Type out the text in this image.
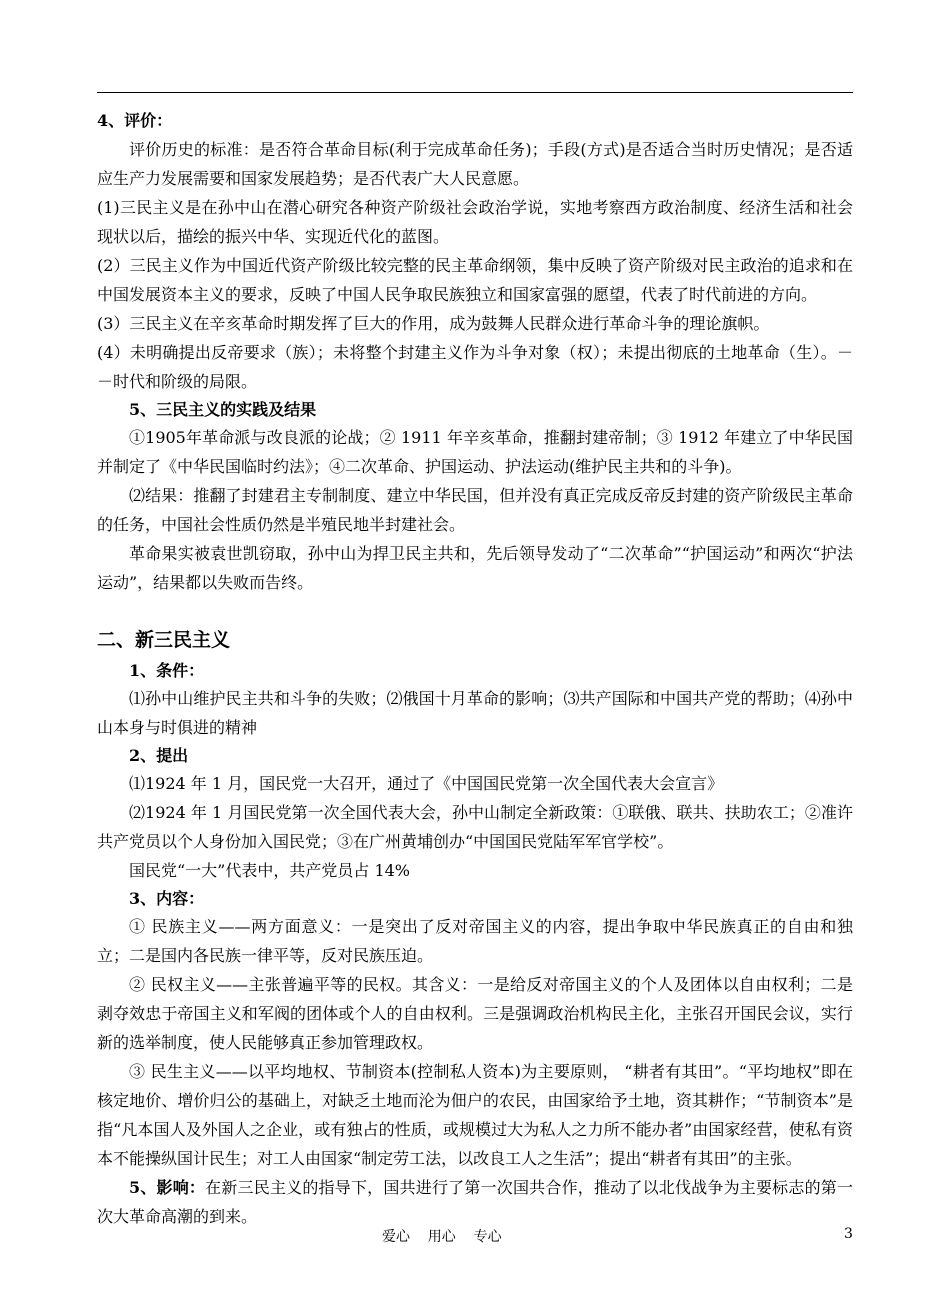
4、评价：

评价历史的标准：是否符合革命目标(利于完成革命任务)；手段(方式)是否适合当时历史情况；是否适应生产力发展需要和国家发展趋势；是否代表广大人民意愿。

(1)三民主义是在孙中山在潜心研究各种资产阶级社会政治学说，实地考察西方政治制度、经济生活和社会现状以后，描绘的振兴中华、实现近代化的蓝图。

(2）三民主义作为中国近代资产阶级比较完整的民主革命纲领，集中反映了资产阶级对民主政治的追求和在中国发展资本主义的要求，反映了中国人民争取民族独立和国家富强的愿望，代表了时代前进的方向。

(3）三民主义在辛亥革命时期发挥了巨大的作用，成为鼓舞人民群众进行革命斗争的理论旗帜。

(4）未明确提出反帝要求（族）；未将整个封建主义作为斗争对象（权）；未提出彻底的土地革命（生）。－－时代和阶级的局限。

5、三民主义的实践及结果

①1905年革命派与改良派的论战；② 1911 年辛亥革命，推翻封建帝制；③ 1912 年建立了中华民国并制定了《中华民国临时约法》；④二次革命、护国运动、护法运动(维护民主共和的斗争)。

⑵结果：推翻了封建君主专制制度、建立中华民国，但并没有真正完成反帝反封建的资产阶级民主革命的任务，中国社会性质仍然是半殖民地半封建社会。

革命果实被袁世凯窃取，孙中山为捍卫民主共和，先后领导发动了“二次革命”“护国运动”和两次“护法运动”，结果都以失败而告终。

二、新三民主义

1、条件：

⑴孙中山维护民主共和斗争的失败；⑵俄国十月革命的影响；⑶共产国际和中国共产党的帮助；⑷孙中山本身与时俱进的精神

2、提出

⑴1924 年 1 月，国民党一大召开，通过了《中国国民党第一次全国代表大会宣言》

⑵1924 年 1 月国民党第一次全国代表大会，孙中山制定全新政策：①联俄、联共、扶助农工；②准许共产党员以个人身份加入国民党；③在广州黄埔创办“中国国民党陆军军官学校”。

国民党“一大”代表中，共产党员占 14%

3、内容：

① 民族主义——两方面意义：一是突出了反对帝国主义的内容，提出争取中华民族真正的自由和独立；二是国内各民族一律平等，反对民族压迫。

② 民权主义——主张普遍平等的民权。其含义：一是给反对帝国主义的个人及团体以自由权利；二是剥夺效忠于帝国主义和军阀的团体或个人的自由权利。三是强调政治机构民主化，主张召开国民会议，实行新的选举制度，使人民能够真正参加管理政权。

③ 民生主义——以平均地权、节制资本(控制私人资本)为主要原则， “耕者有其田”。“平均地权”即在核定地价、增价归公的基础上，对缺乏土地而沦为佃户的农民，由国家给予土地，资其耕作；“节制资本”是指“凡本国人及外国人之企业，或有独占的性质，或规模过大为私人之力所不能办者”由国家经营，使私有资本不能操纵国计民生；对工人由国家“制定劳工法，以改良工人之生活”；提出“耕者有其田”的主张。

5、影响：在新三民主义的指导下，国共进行了第一次国共合作，推动了以北伐战争为主要标志的第一次大革命高潮的到来。

爱心    用心    专心	3
